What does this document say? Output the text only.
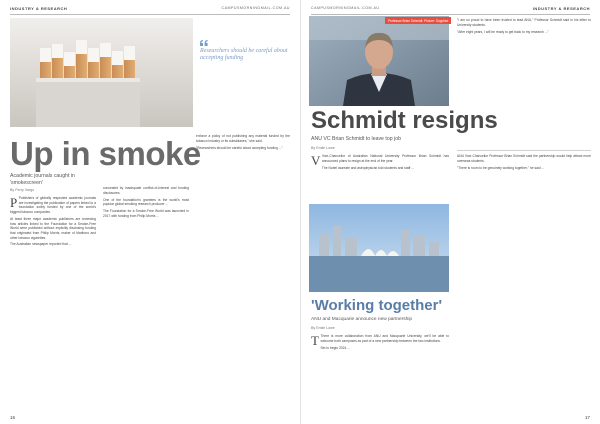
INDUSTRY & RESEARCH	CAMPUSMORNINGMAIL.COM.AU
Researchers should be careful about accepting funding
Up in smoke
Academic journals caught in 'smokescreen'
By Perry Vargo

P Publishers of globally respected academic journals are investigating the publication of papers linked to a foundation solely funded by one of the world's biggest tobacco companies.

At least three major academic publishers are reviewing how articles linked to the Foundation for a Smoke-Free World were published without explicitly disclosing funding that originated from Philip Morris, maker of Marlboro and other tobacco cigarettes.

The Australian newspaper reported that ...

concealed by inadequate conflict-of-interest and funding disclosures.

One of the foundation's grantees is the world's most popular global smoking research producer ...

The Foundation for a Smoke-Free World was launched in 2017 with funding from Philip Morris ...

enforce a policy of not publishing any material funded by the tobacco industry or its subsidiaries," she said.

"Researchers should be careful about accepting funding ..."

16
CAMPUSMORNINGMAIL.COM.AU	INDUSTRY & RESEARCH
Professor Brian Schmidt. Picture: Supplied
Schmidt resigns
ANU VC Brian Schmidt to leave top job
By Emile Lowe

V Vice-Chancellor of Australian National University Professor Brian Schmidt has announced plans to resign at the end of the year.

The Nobel laureate and astrophysicist told students and staff ...

"I am so proud to have been trusted to lead ANU," Professor Schmidt said in his letter to University students.

"After eight years, I will be ready to get back to my research ..."

ANU Vice-Chancellor Professor Brian Schmidt said the partnership would help attract more overseas students.

"There is room to be genuinely working together," he said ...

'Working together'
ANU and Macquarie announce new partnership
By Emile Lowe

T There is more collaboration from ANU and Macquarie University, we'll be able to welcome both campuses as part of a new partnership between the two institutions.

Set to begin 2024 ...

17
